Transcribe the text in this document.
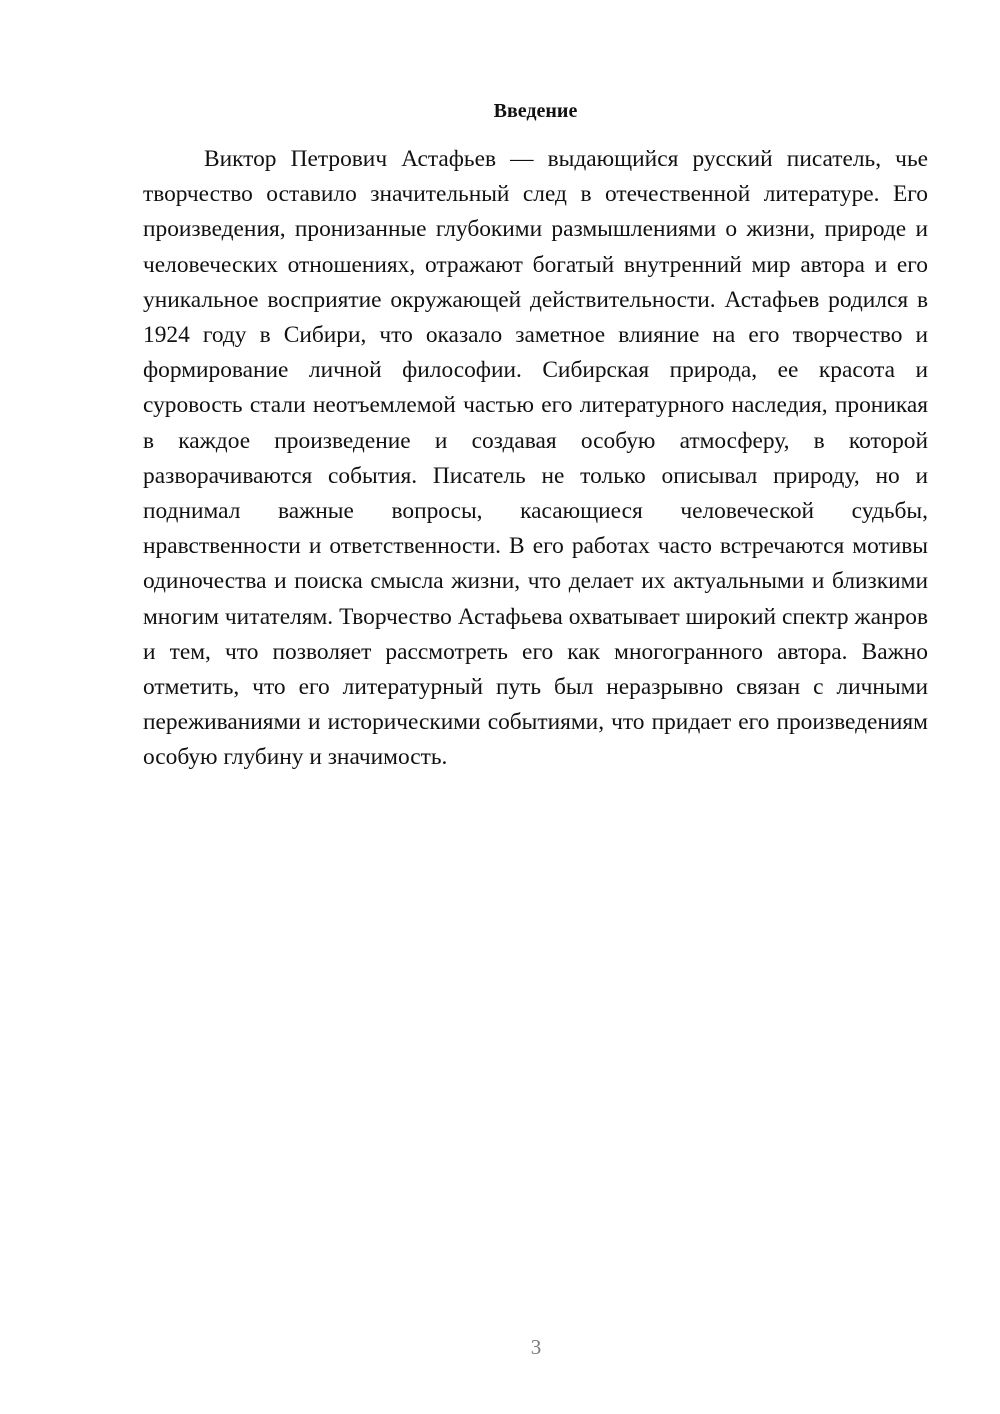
Введение

Виктор Петрович Астафьев — выдающийся русский писатель, чье творчество оставило значительный след в отечественной литературе. Его произведения, пронизанные глубокими размышлениями о жизни, природе и человеческих отношениях, отражают богатый внутренний мир автора и его уникальное восприятие окружающей действительности. Астафьев родился в 1924 году в Сибири, что оказало заметное влияние на его творчество и формирование личной философии. Сибирская природа, ее красота и суровость стали неотъемлемой частью его литературного наследия, проникая в каждое произведение и создавая особую атмосферу, в которой разворачиваются события. Писатель не только описывал природу, но и поднимал важные вопросы, касающиеся человеческой судьбы, нравственности и ответственности. В его работах часто встречаются мотивы одиночества и поиска смысла жизни, что делает их актуальными и близкими многим читателям. Творчество Астафьева охватывает широкий спектр жанров и тем, что позволяет рассмотреть его как многогранного автора. Важно отметить, что его литературный путь был неразрывно связан с личными переживаниями и историческими событиями, что придает его произведениям особую глубину и значимость.

3
